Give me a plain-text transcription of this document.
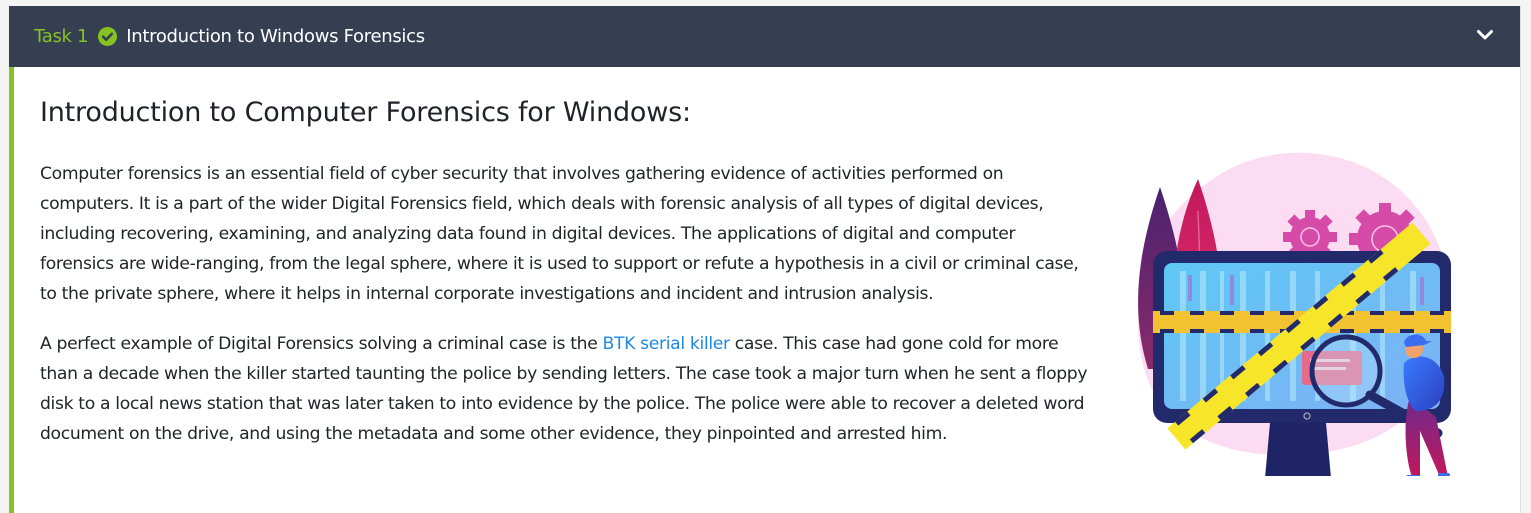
Task 1 Introduction to Windows Forensics
Introduction to Computer Forensics for Windows:

Computer forensics is an essential field of cyber security that involves gathering evidence of activities performed on computers. It is a part of the wider Digital Forensics field, which deals with forensic analysis of all types of digital devices, including recovering, examining, and analyzing data found in digital devices. The applications of digital and computer forensics are wide-ranging, from the legal sphere, where it is used to support or refute a hypothesis in a civil or criminal case, to the private sphere, where it helps in internal corporate investigations and incident and intrusion analysis.

A perfect example of Digital Forensics solving a criminal case is the BTK serial killer case. This case had gone cold for more than a decade when the killer started taunting the police by sending letters. The case took a major turn when he sent a floppy disk to a local news station that was later taken to into evidence by the police. The police were able to recover a deleted word document on the drive, and using the metadata and some other evidence, they pinpointed and arrested him.
